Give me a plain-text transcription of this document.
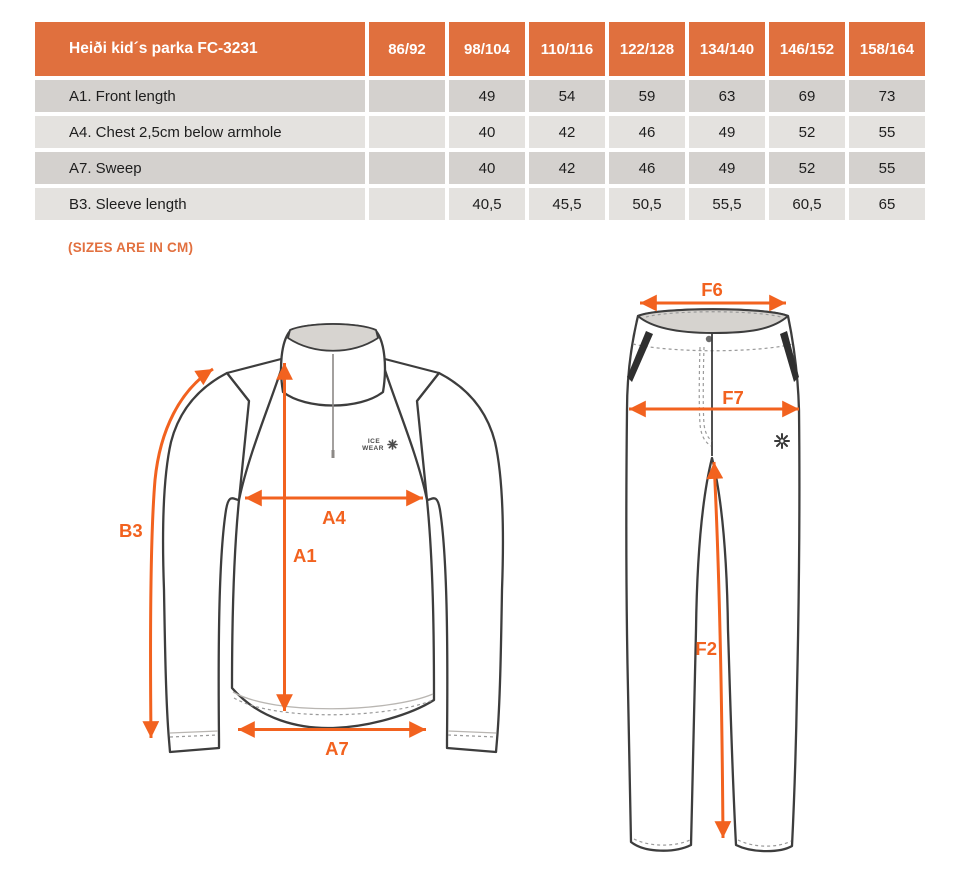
Heiði kid´s parka FC-3231	86/92	98/104	110/116	122/128	134/140	146/152	158/164
A1. Front length		49	54	59	63	69	73
A4. Chest 2,5cm below armhole		40	42	46	49	52	55
A7. Sweep		40	42	46	49	52	55
B3. Sleeve length		40,5	45,5	50,5	55,5	60,5	65
(SIZES ARE IN CM)
ICE
WEAR
B3
A4
A1
A7
F6
F7
F2
